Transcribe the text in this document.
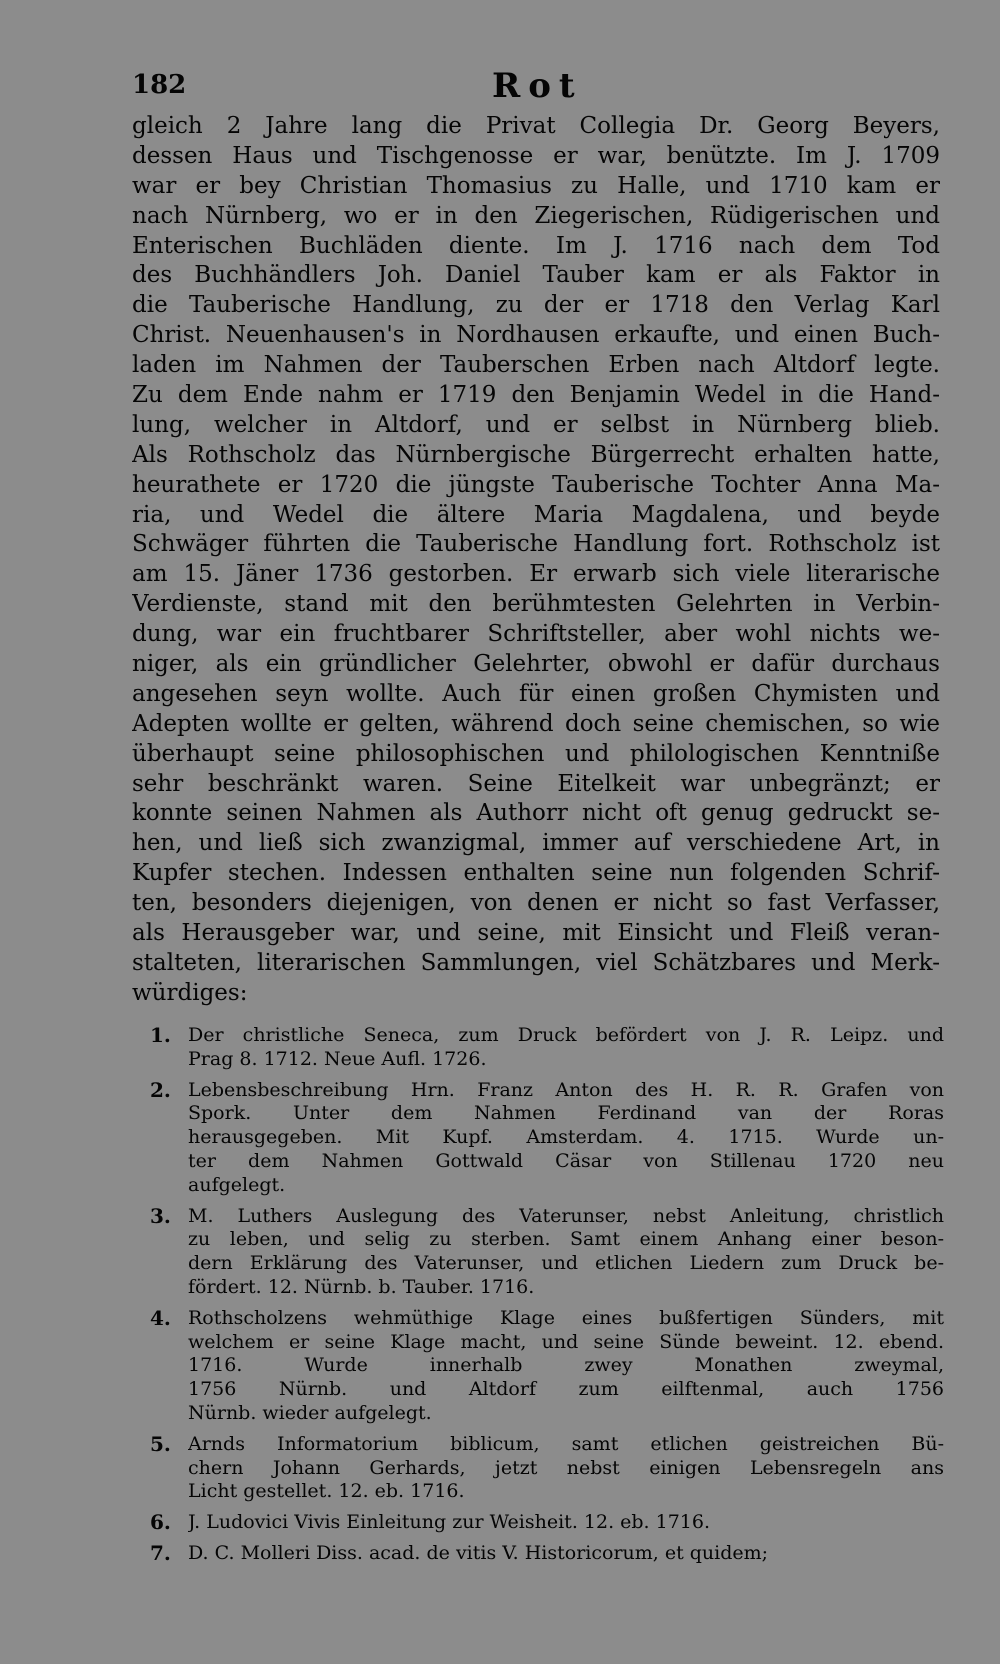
182	Rot
gleich 2 Jahre lang die Privat Collegia Dr. Georg Beyers,
dessen Haus und Tischgenosse er war, benützte. Im J. 1709
war er bey Christian Thomasius zu Halle, und 1710 kam er
nach Nürnberg, wo er in den Ziegerischen, Rüdigerischen und
Enterischen Buchläden diente. Im J. 1716 nach dem Tod
des Buchhändlers Joh. Daniel Tauber kam er als Faktor in
die Tauberische Handlung, zu der er 1718 den Verlag Karl
Christ. Neuenhausen's in Nordhausen erkaufte, und einen Buch-
laden im Nahmen der Tauberschen Erben nach Altdorf legte.
Zu dem Ende nahm er 1719 den Benjamin Wedel in die Hand-
lung, welcher in Altdorf, und er selbst in Nürnberg blieb.
Als Rothscholz das Nürnbergische Bürgerrecht erhalten hatte,
heurathete er 1720 die jüngste Tauberische Tochter Anna Ma-
ria, und Wedel die ältere Maria Magdalena, und beyde
Schwäger führten die Tauberische Handlung fort. Rothscholz ist
am 15. Jäner 1736 gestorben. Er erwarb sich viele literarische
Verdienste, stand mit den berühmtesten Gelehrten in Verbin-
dung, war ein fruchtbarer Schriftsteller, aber wohl nichts we-
niger, als ein gründlicher Gelehrter, obwohl er dafür durchaus
angesehen seyn wollte. Auch für einen großen Chymisten und
Adepten wollte er gelten, während doch seine chemischen, so wie
überhaupt seine philosophischen und philologischen Kenntniße
sehr beschränkt waren. Seine Eitelkeit war unbegränzt; er
konnte seinen Nahmen als Authorr nicht oft genug gedruckt se-
hen, und ließ sich zwanzigmal, immer auf verschiedene Art, in
Kupfer stechen. Indessen enthalten seine nun folgenden Schrif-
ten, besonders diejenigen, von denen er nicht so fast Verfasser,
als Herausgeber war, und seine, mit Einsicht und Fleiß veran-
stalteten, literarischen Sammlungen, viel Schätzbares und Merk-
würdiges:
1. Der christliche Seneca, zum Druck befördert von J. R. Leipz. und
Prag 8. 1712. Neue Aufl. 1726.
2. Lebensbeschreibung Hrn. Franz Anton des H. R. R. Grafen von
Spork. Unter dem Nahmen Ferdinand van der Roras
herausgegeben. Mit Kupf. Amsterdam. 4. 1715. Wurde un-
ter dem Nahmen Gottwald Cäsar von Stillenau 1720 neu
aufgelegt.
3. M. Luthers Auslegung des Vaterunser, nebst Anleitung, christlich
zu leben, und selig zu sterben. Samt einem Anhang einer beson-
dern Erklärung des Vaterunser, und etlichen Liedern zum Druck be-
fördert. 12. Nürnb. b. Tauber. 1716.
4. Rothscholzens wehmüthige Klage eines bußfertigen Sünders, mit
welchem er seine Klage macht, und seine Sünde beweint. 12. ebend.
1716. Wurde innerhalb zwey Monathen zweymal,
1756 Nürnb. und Altdorf zum eilftenmal, auch 1756
Nürnb. wieder aufgelegt.
5. Arnds Informatorium biblicum, samt etlichen geistreichen Bü-
chern Johann Gerhards, jetzt nebst einigen Lebensregeln ans
Licht gestellet. 12. eb. 1716.
6. J. Ludovici Vivis Einleitung zur Weisheit. 12. eb. 1716.
7. D. C. Molleri Diss. acad. de vitis V. Historicorum, et quidem;
